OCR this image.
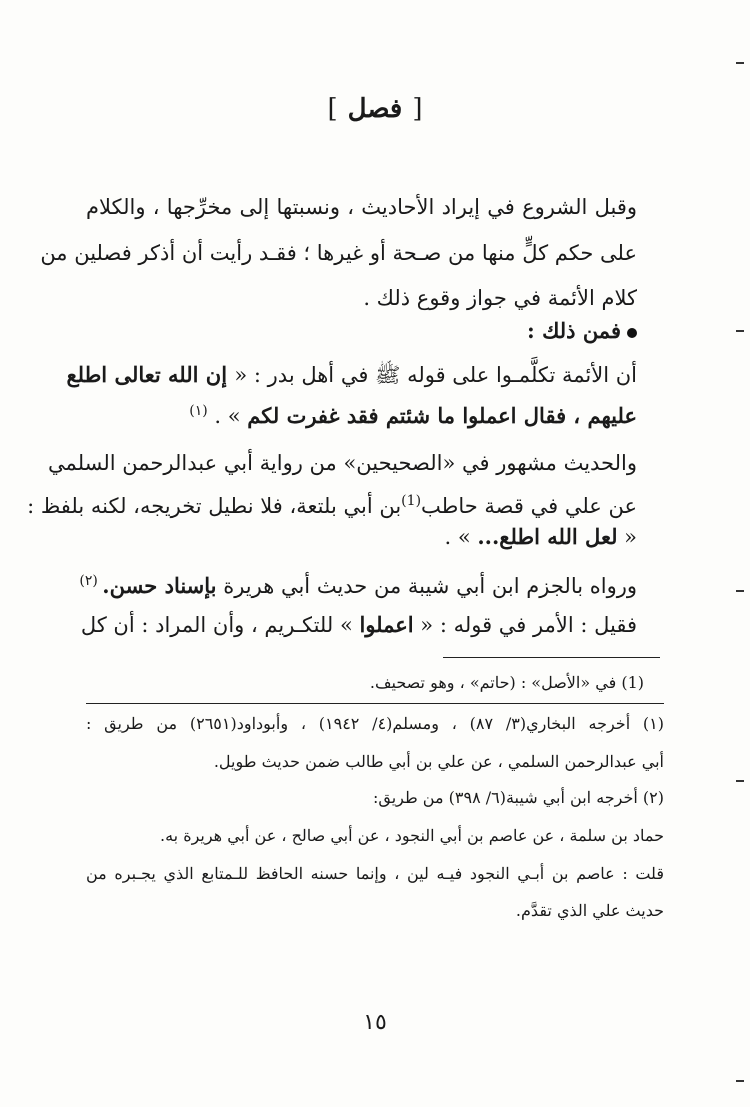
[فصل]
وقبل الشروع في إيراد الأحاديث ، ونسبتها إلى مخرِّجها ، والكلام
على حكم كلٍّ منها من صـحة أو غيرها ؛ فقـد رأيت أن أذكر فصلين من
كلام الأئمة في جواز وقوع ذلك .
فمن ذلك :
أن الأئمة تكلَّمـوا على قوله ﷺ في أهل بدر : « إن الله تعالى اطلع
عليهم ، فقال اعملوا ما شئتم فقد غفرت لكم » . $^{(١)}$
والحديث مشهور في «الصحيحين» من رواية أبي عبدالرحمن السلمي
عن علي في قصة حاطب$^{(1)}$بن أبي بلتعة، فلا نطيل تخريجه، لكنه بلفظ :
« لعل الله اطلع... » .
ورواه بالجزم ابن أبي شيبة من حديث أبي هريرة بإسناد حسن. $^{(٢)}$
فقيل : الأمر في قوله : « اعملوا » للتكـريم ، وأن المراد : أن كل
(1) في «الأصل» : (حاتم» ، وهو تصحيف.
(١) أخرجه البخاري(٣/ ٨٧) ، ومسلم(٤/ ١٩٤٢) ، وأبوداود(٢٦٥١) من طريق :
أبي عبدالرحمن السلمي ، عن علي بن أبي طالب ضمن حديث طويل.
(٢) أخرجه ابن أبي شيبة(٦/ ٣٩٨) من طريق:
حماد بن سلمة ، عن عاصم بن أبي النجود ، عن أبي صالح ، عن أبي هريرة به.
قلت : عاصم بن أبـي النجود فيـه لين ، وإنما حسنه الحافظ للـمتابع الذي يجـبره من
حديث علي الذي تقدَّم.
١٥
